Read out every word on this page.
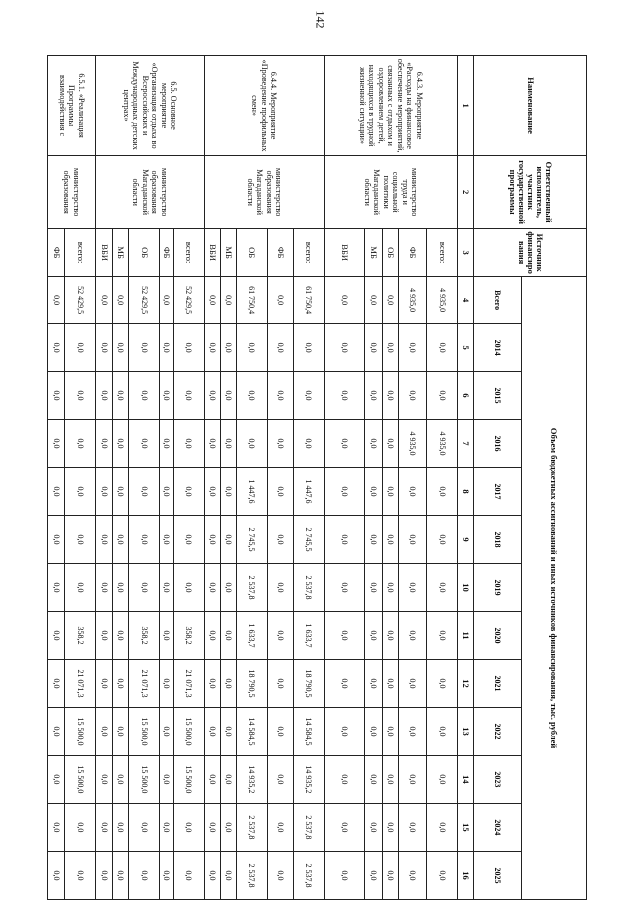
142
Наименование	Ответственный исполнитель, участник государственной программы	Источник финансирования	Объем бюджетных ассигнований и иных источников финансирования, тыс. рублей												
			Всего	2014	2015	2016	2017	2018	2019	2020	2021	2022	2023	2024	2025
1	2	3	4	5	6	7	8	9	10	11	12	13	14	15	16
6.4.3. Мероприятие «Расходы на финансовое обеспечение мероприятий, связанных с отдыхом и оздоровлением детей, находящихся в трудной жизненной ситуации»	министерство труда и социальной политики Магаданской области	всего:	4 935,0	0,0	0,0	4 935,0	0,0	0,0	0,0	0,0	0,0	0,0	0,0	0,0	0,0
		ФБ	4 935,0	0,0	0,0	4 935,0	0,0	0,0	0,0	0,0	0,0	0,0	0,0	0,0	0,0
		ОБ	0,0	0,0	0,0	0,0	0,0	0,0	0,0	0,0	0,0	0,0	0,0	0,0	0,0
		МБ	0,0	0,0	0,0	0,0	0,0	0,0	0,0	0,0	0,0	0,0	0,0	0,0	0,0
		ВБИ	0,0	0,0	0,0	0,0	0,0	0,0	0,0	0,0	0,0	0,0	0,0	0,0	0,0
6.4.4. Мероприятие «Проведение профильных смен»	министерство образования Магаданской области	всего:	61 750,4	0,0	0,0	0,0	1 447,6	2 745,5	2 537,8	1 633,7	18 790,5	14 584,5	14 935,2	2 537,8	2 537,8
		ФБ	0,0	0,0	0,0	0,0	0,0	0,0	0,0	0,0	0,0	0,0	0,0	0,0	0,0
		ОБ	61 750,4	0,0	0,0	0,0	1 447,6	2 745,5	2 537,8	1 633,7	18 790,5	14 584,5	14 935,2	2 537,8	2 537,8
		МБ	0,0	0,0	0,0	0,0	0,0	0,0	0,0	0,0	0,0	0,0	0,0	0,0	0,0
		ВБИ	0,0	0,0	0,0	0,0	0,0	0,0	0,0	0,0	0,0	0,0	0,0	0,0	0,0
6.5. Основное мероприятие «Организация отдыха во Всероссийских и Международных детских центрах»	министерство образования Магаданской области	всего:	52 429,5	0,0	0,0	0,0	0,0	0,0	0,0	358,2	21 071,3	15 500,0	15 500,0	0,0	0,0
		ФБ	0,0	0,0	0,0	0,0	0,0	0,0	0,0	0,0	0,0	0,0	0,0	0,0	0,0
		ОБ	52 429,5	0,0	0,0	0,0	0,0	0,0	0,0	358,2	21 071,3	15 500,0	15 500,0	0,0	0,0
		МБ	0,0	0,0	0,0	0,0	0,0	0,0	0,0	0,0	0,0	0,0	0,0	0,0	0,0
		ВБИ	0,0	0,0	0,0	0,0	0,0	0,0	0,0	0,0	0,0	0,0	0,0	0,0	0,0
6.5.1. «Реализация Программы взаимодействия с	министерство образования	всего:	52 429,5	0,0	0,0	0,0	0,0	0,0	0,0	358,2	21 071,3	15 500,0	15 500,0	0,0	0,0
		ФБ	0,0	0,0	0,0	0,0	0,0	0,0	0,0	0,0	0,0	0,0	0,0	0,0	0,0
